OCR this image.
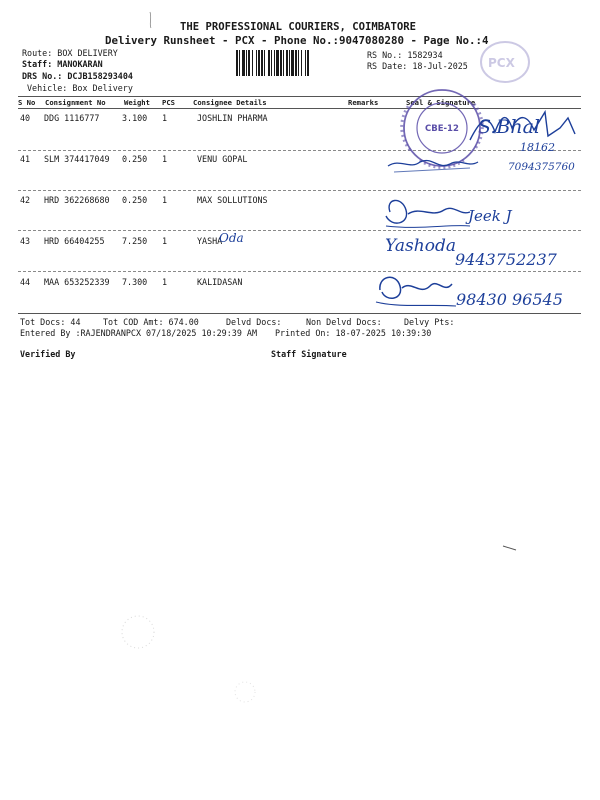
THE PROFESSIONAL COURIERS, COIMBATORE
Delivery Runsheet - PCX - Phone No.:9047080280 - Page No.:4
Route: BOX DELIVERY
Staff: MANOKARAN
DRS No.: DCJB158293404
Vehicle: Box Delivery
RS No.: 1582934
RS Date: 18-Jul-2025
S No Consignment No	Weight PCS	Consignee Details	Remarks	Seal & Signature
40 DDG 1116777	3.100 1	JOSHLIN PHARMA
41 SLM 374417049 0.250 1	VENU GOPAL
42 HRD 362268680 0.250 1	MAX SOLLUTIONS
43 HRD 66404255 7.250 1	YASHA
44 MAA 653252339 7.300 1	KALIDASAN
Tot Docs: 44	Tot COD Amt: 674.00	Delvd Docs:	Non Delvd Docs:	Delvy Pts:
Entered By :RAJENDRANPCX 07/18/2025 10:29:39 AM Printed On: 18-07-2025 10:39:30
Verified By	Staff Signature
S.Bhal
18162
7094375760
Jeek J
Oda	Yashoda
9443752237
98430 96545
CBE-12
PCX
